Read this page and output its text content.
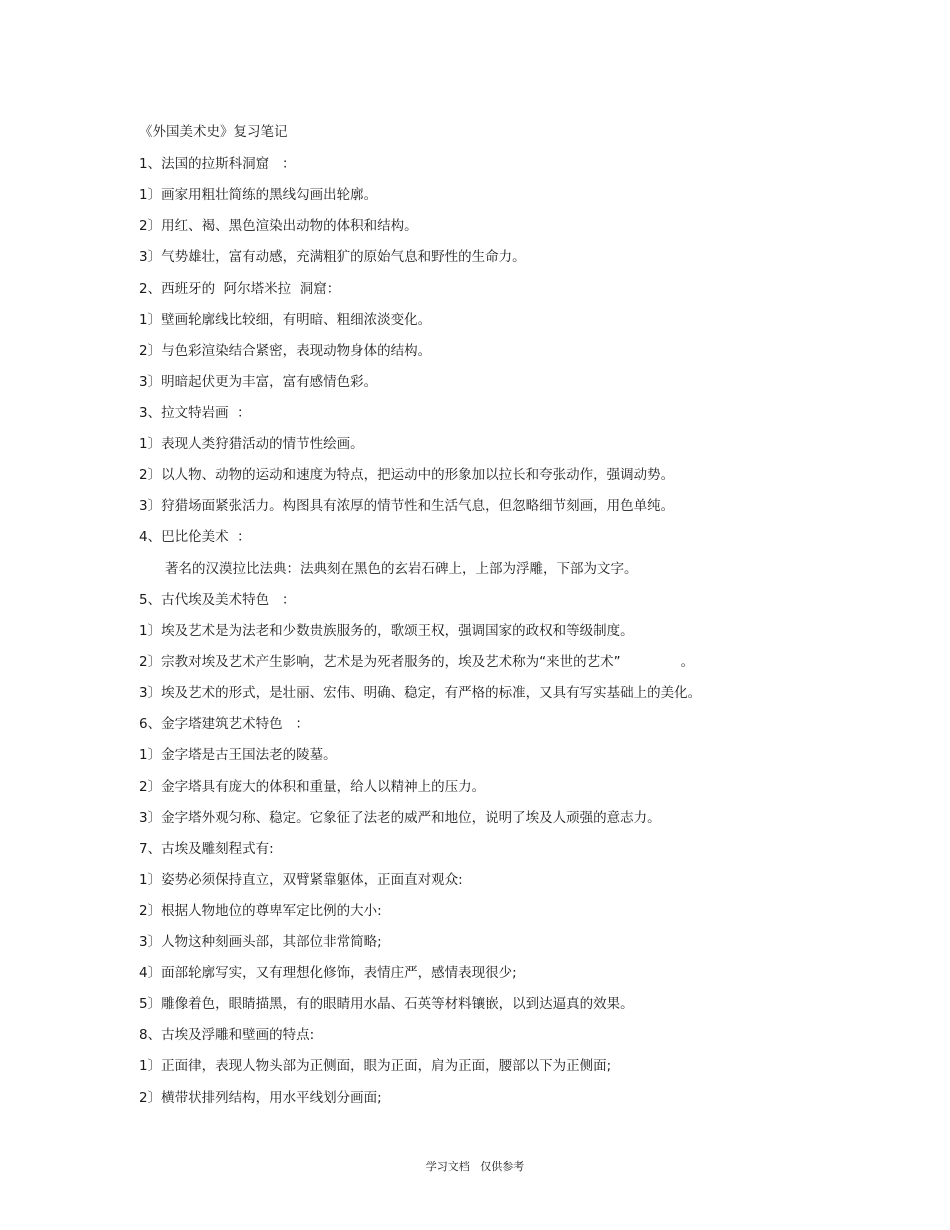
《外国美术史》复习笔记
1、法国的拉斯科洞窟   ：
1〕画家用粗壮简练的黑线勾画出轮廓。
2〕用红、褐、黑色渲染出动物的体积和结构。
3〕气势雄壮，富有动感，充满粗犷的原始气息和野性的生命力。
2、西班牙的  阿尔塔米拉  洞窟：
1〕壁画轮廓线比较细，有明暗、粗细浓淡变化。
2〕与色彩渲染结合紧密，表现动物身体的结构。
3〕明暗起伏更为丰富，富有感情色彩。
3、拉文特岩画  ：
1〕表现人类狩猎活动的情节性绘画。
2〕以人物、动物的运动和速度为特点，把运动中的形象加以拉长和夸张动作，强调动势。
3〕狩猎场面紧张活力。构图具有浓厚的情节性和生活气息，但忽略细节刻画，用色单纯。
4、巴比伦美术  ：
著名的汉漠拉比法典：法典刻在黑色的玄岩石碑上，上部为浮雕，下部为文字。
5、古代埃及美术特色   ：
1〕埃及艺术是为法老和少数贵族服务的，歌颂王权，强调国家的政权和等级制度。
2〕宗教对埃及艺术产生影响，艺术是为死者服务的，埃及艺术称为“来世的艺术”              。
3〕埃及艺术的形式，是壮丽、宏伟、明确、稳定，有严格的标准，又具有写实基础上的美化。
6、金字塔建筑艺术特色   ：
1〕金字塔是古王国法老的陵墓。
2〕金字塔具有庞大的体积和重量，给人以精神上的压力。
3〕金字塔外观匀称、稳定。它象征了法老的威严和地位，说明了埃及人顽强的意志力。
7、古埃及雕刻程式有:
1〕姿势必须保持直立，双臂紧靠躯体，正面直对观众:
2〕根据人物地位的尊卑军定比例的大小:
3〕人物这种刻画头部，其部位非常简略;
4〕面部轮廓写实，又有理想化修饰，表情庄严，感情表现很少;
5〕雕像着色，眼睛描黑，有的眼睛用水晶、石英等材料镶嵌，以到达逼真的效果。
8、古埃及浮雕和壁画的特点:
1〕正面律，表现人物头部为正侧面，眼为正面，肩为正面，腰部以下为正侧面;
2〕横带状排列结构，用水平线划分画面;
学习文档   仅供参考
